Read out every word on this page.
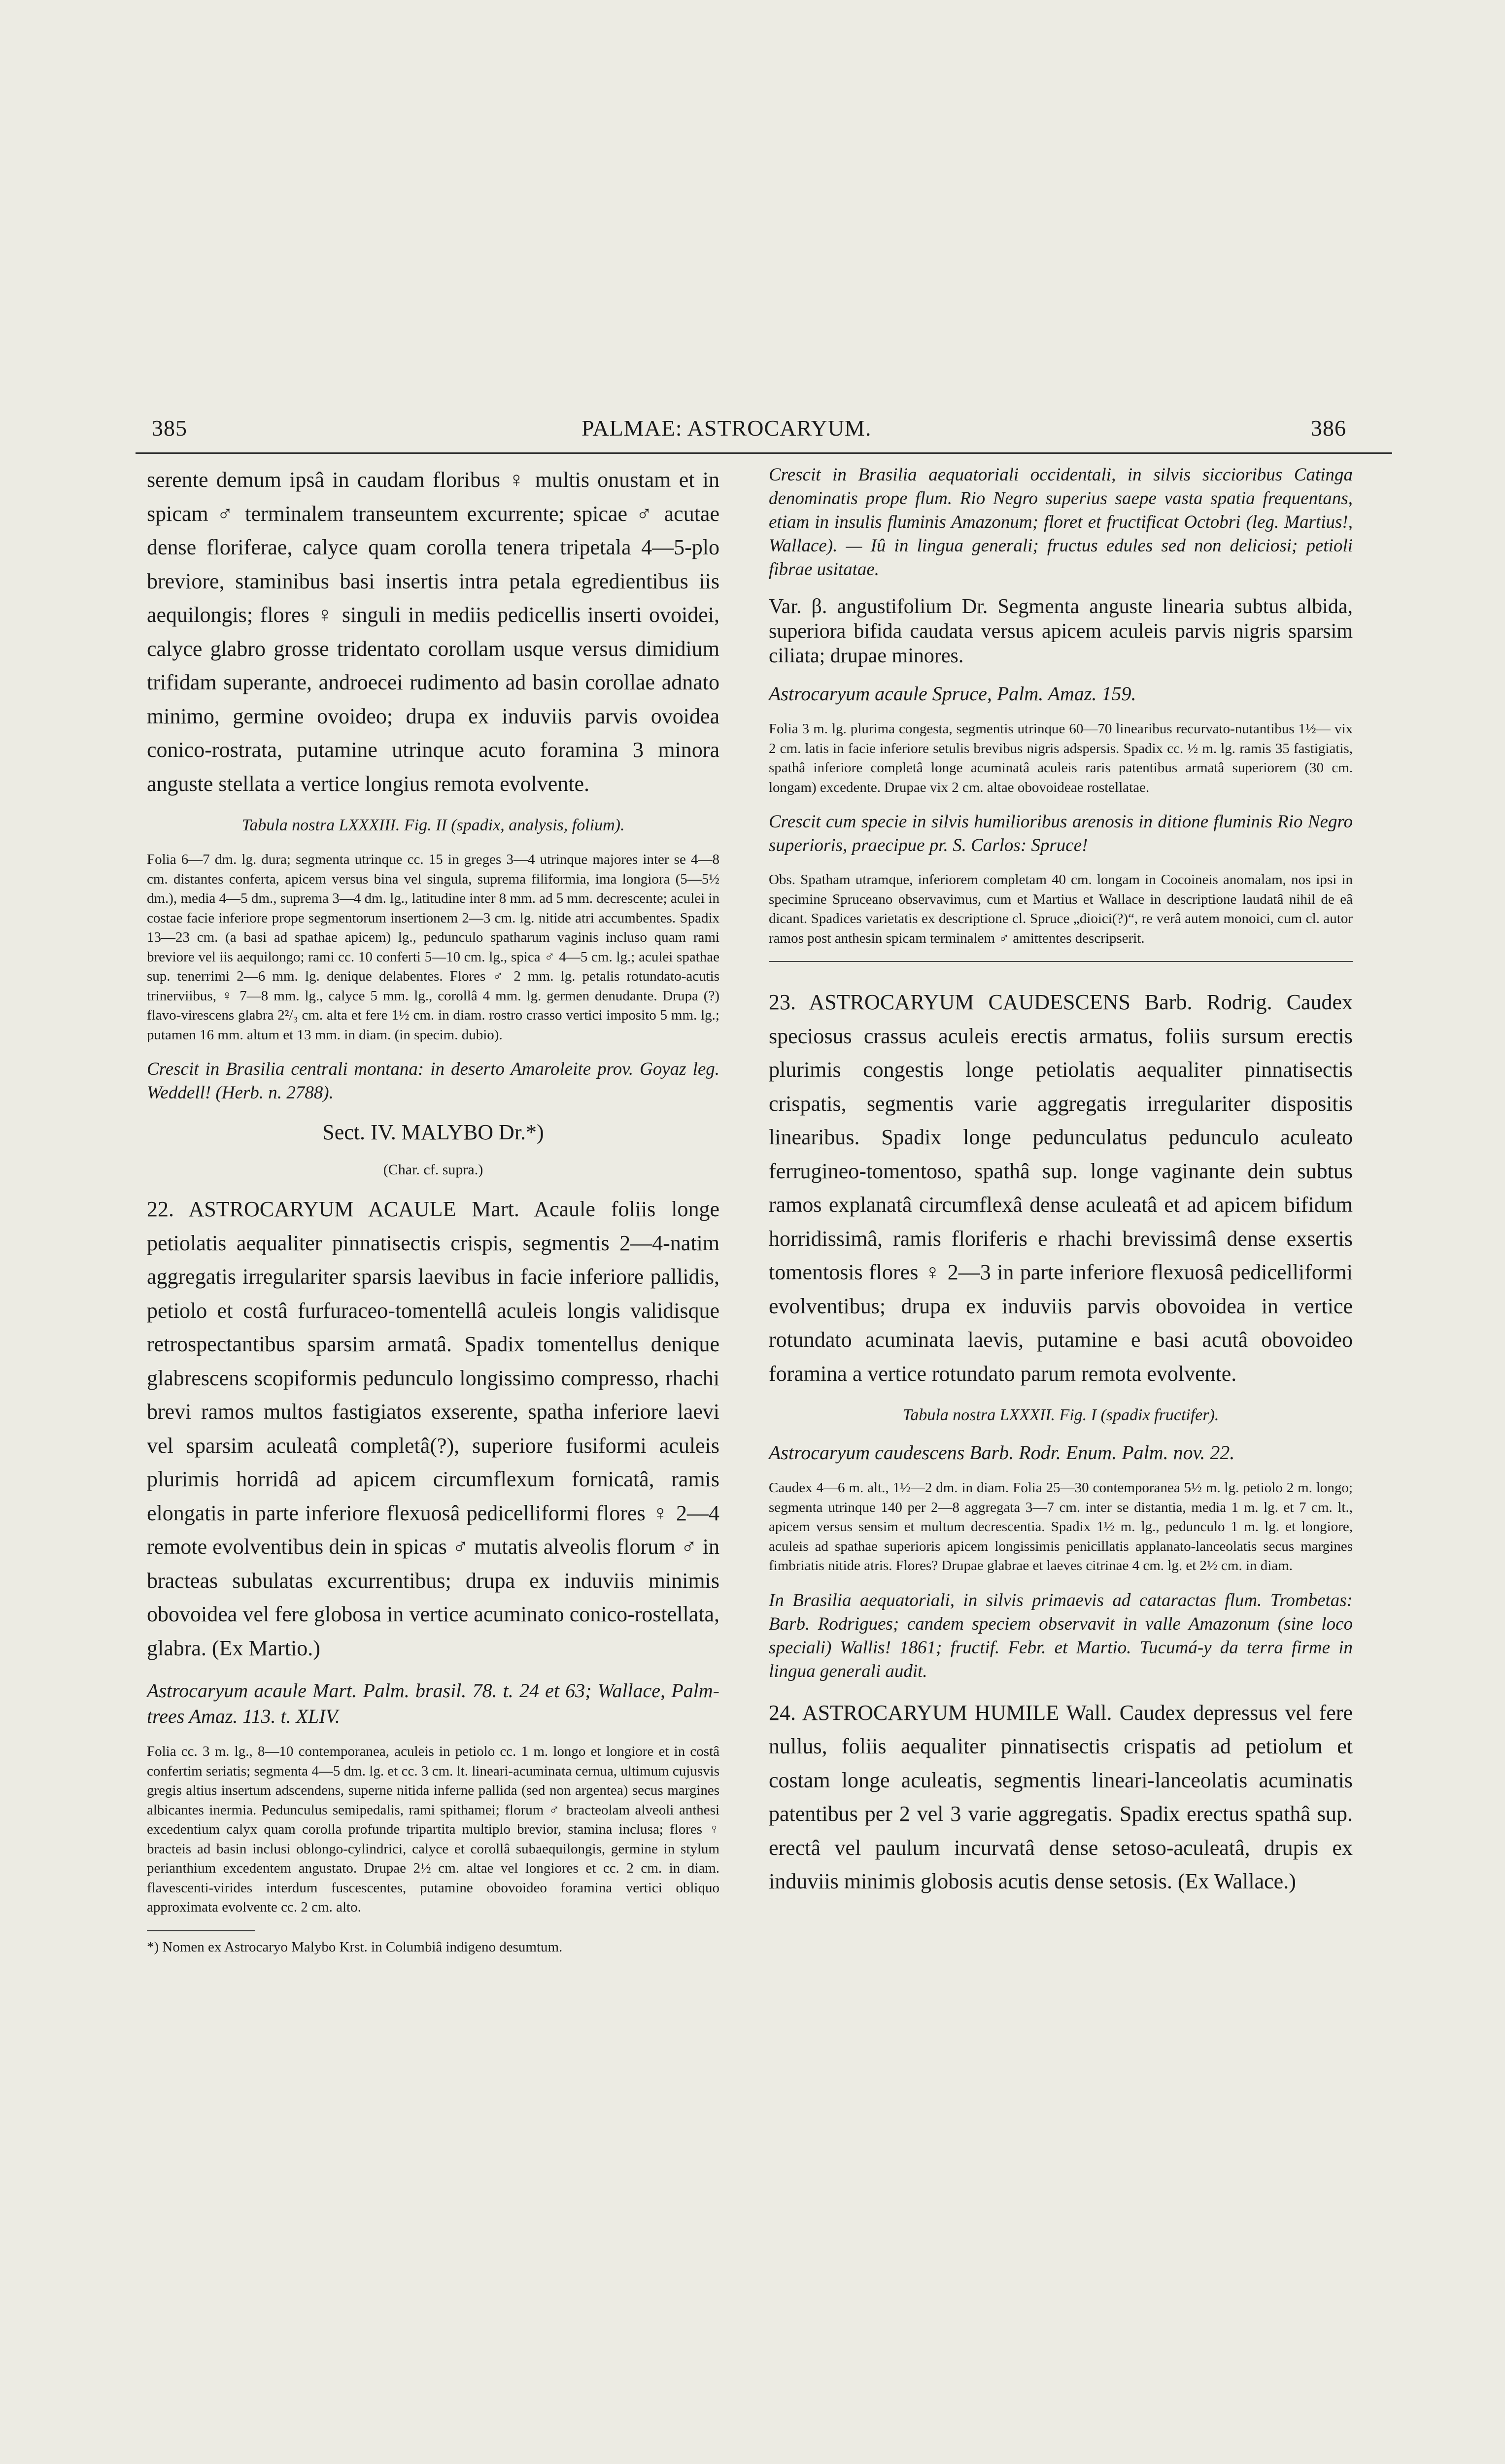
385	PALMAE: ASTROCARYUM.	386

serente demum ipsâ in caudam floribus ♀ multis onustam et in spicam ♂ terminalem transeuntem excurrente; spicae ♂ acutae dense floriferae, calyce quam corolla tenera tripetala 4—5-plo breviore, staminibus basi insertis intra petala egredientibus iis aequilongis; flores ♀ singuli in mediis pedicellis inserti ovoidei, calyce glabro grosse tridentato corollam usque versus dimidium trifidam superante, androecei rudimento ad basin corollae adnato minimo, germine ovoideo; drupa ex induviis parvis ovoidea conico-rostrata, putamine utrinque acuto foramina 3 minora anguste stellata a vertice longius remota evolvente.

Tabula nostra LXXXIII. Fig. II (spadix, analysis, folium).

Folia 6—7 dm. lg. dura; segmenta utrinque cc. 15 in greges 3—4 utrinque majores inter se 4—8 cm. distantes conferta, apicem versus bina vel singula, suprema filiformia, ima longiora (5—5½ dm.), media 4—5 dm., suprema 3—4 dm. lg., latitudine inter 8 mm. ad 5 mm. decrescente; aculei in costae facie inferiore prope segmentorum insertionem 2—3 cm. lg. nitide atri accumbentes. Spadix 13—23 cm. (a basi ad spathae apicem) lg., pedunculo spatharum vaginis incluso quam rami breviore vel iis aequilongo; rami cc. 10 conferti 5—10 cm. lg., spica ♂ 4—5 cm. lg.; aculei spathae sup. tenerrimi 2—6 mm. lg. denique delabentes. Flores ♂ 2 mm. lg. petalis rotundato-acutis trinerviibus, ♀ 7—8 mm. lg., calyce 5 mm. lg., corollâ 4 mm. lg. germen denudante. Drupa (?) flavo-virescens glabra 2²/₃ cm. alta et fere 1½ cm. in diam. rostro crasso vertici imposito 5 mm. lg.; putamen 16 mm. altum et 13 mm. in diam. (in specim. dubio).

Crescit in Brasilia centrali montana: in deserto Amaroleite prov. Goyaz leg. Weddell! (Herb. n. 2788).

Sect. IV. MALYBO Dr.*)

(Char. cf. supra.)

22. ASTROCARYUM ACAULE Mart. Acaule foliis longe petiolatis aequaliter pinnatisectis crispis, segmentis 2—4-natim aggregatis irregulariter sparsis laevibus in facie inferiore pallidis, petiolo et costâ furfuraceo-tomentellâ aculeis longis validisque retrospectantibus sparsim armatâ. Spadix tomentellus denique glabrescens scopiformis pedunculo longissimo compresso, rhachi brevi ramos multos fastigiatos exserente, spatha inferiore laevi vel sparsim aculeatâ completâ(?), superiore fusiformi aculeis plurimis horridâ ad apicem circumflexum fornicatâ, ramis elongatis in parte inferiore flexuosâ pedicelliformi flores ♀ 2—4 remote evolventibus dein in spicas ♂ mutatis alveolis florum ♂ in bracteas subulatas excurrentibus; drupa ex induviis minimis obovoidea vel fere globosa in vertice acuminato conico-rostellata, glabra. (Ex Martio.)

Astrocaryum acaule Mart. Palm. brasil. 78. t. 24 et 63; Wallace, Palm-trees Amaz. 113. t. XLIV.

Folia cc. 3 m. lg., 8—10 contemporanea, aculeis in petiolo cc. 1 m. longo et longiore et in costâ confertim seriatis; segmenta 4—5 dm. lg. et cc. 3 cm. lt. lineari-acuminata cernua, ultimum cujusvis gregis altius insertum adscendens, superne nitida inferne pallida (sed non argentea) secus margines albicantes inermia. Pedunculus semipedalis, rami spithamei; florum ♂ bracteolam alveoli anthesi excedentium calyx quam corolla profunde tripartita multiplo brevior, stamina inclusa; flores ♀ bracteis ad basin inclusi oblongo-cylindrici, calyce et corollâ subaequilongis, germine in stylum perianthium excedentem angustato. Drupae 2½ cm. altae vel longiores et cc. 2 cm. in diam. flavescenti-virides interdum fuscescentes, putamine obovoideo foramina vertici obliquo approximata evolvente cc. 2 cm. alto.

*) Nomen ex Astrocaryo Malybo Krst. in Columbiâ indigeno desumtum.

Crescit in Brasilia aequatoriali occidentali, in silvis siccioribus Catinga denominatis prope flum. Rio Negro superius saepe vasta spatia frequentans, etiam in insulis fluminis Amazonum; floret et fructificat Octobri (leg. Martius!, Wallace). — Iû in lingua generali; fructus edules sed non deliciosi; petioli fibrae usitatae.

Var. β. angustifolium Dr. Segmenta anguste linearia subtus albida, superiora bifida caudata versus apicem aculeis parvis nigris sparsim ciliata; drupae minores.

Astrocaryum acaule Spruce, Palm. Amaz. 159.

Folia 3 m. lg. plurima congesta, segmentis utrinque 60—70 linearibus recurvato-nutantibus 1½— vix 2 cm. latis in facie inferiore setulis brevibus nigris adspersis. Spadix cc. ½ m. lg. ramis 35 fastigiatis, spathâ inferiore completâ longe acuminatâ aculeis raris patentibus armatâ superiorem (30 cm. longam) excedente. Drupae vix 2 cm. altae obovoideae rostellatae.

Crescit cum specie in silvis humilioribus arenosis in ditione fluminis Rio Negro superioris, praecipue pr. S. Carlos: Spruce!

Obs. Spatham utramque, inferiorem completam 40 cm. longam in Cocoineis anomalam, nos ipsi in specimine Spruceano observavimus, cum et Martius et Wallace in descriptione laudatâ nihil de eâ dicant. Spadices varietatis ex descriptione cl. Spruce „dioici(?)“, re verâ autem monoici, cum cl. autor ramos post anthesin spicam terminalem ♂ amittentes descripserit.

23. ASTROCARYUM CAUDESCENS Barb. Rodrig. Caudex speciosus crassus aculeis erectis armatus, foliis sursum erectis plurimis congestis longe petiolatis aequaliter pinnatisectis crispatis, segmentis varie aggregatis irregulariter dispositis linearibus. Spadix longe pedunculatus pedunculo aculeato ferrugineo-tomentoso, spathâ sup. longe vaginante dein subtus ramos explanatâ circumflexâ dense aculeatâ et ad apicem bifidum horridissimâ, ramis floriferis e rhachi brevissimâ dense exsertis tomentosis flores ♀ 2—3 in parte inferiore flexuosâ pedicelliformi evolventibus; drupa ex induviis parvis obovoidea in vertice rotundato acuminata laevis, putamine e basi acutâ obovoideo foramina a vertice rotundato parum remota evolvente.

Tabula nostra LXXXII. Fig. I (spadix fructifer).

Astrocaryum caudescens Barb. Rodr. Enum. Palm. nov. 22.

Caudex 4—6 m. alt., 1½—2 dm. in diam. Folia 25—30 contemporanea 5½ m. lg. petiolo 2 m. longo; segmenta utrinque 140 per 2—8 aggregata 3—7 cm. inter se distantia, media 1 m. lg. et 7 cm. lt., apicem versus sensim et multum decrescentia. Spadix 1½ m. lg., pedunculo 1 m. lg. et longiore, aculeis ad spathae superioris apicem longissimis penicillatis applanato-lanceolatis secus margines fimbriatis nitide atris. Flores? Drupae glabrae et laeves citrinae 4 cm. lg. et 2½ cm. in diam.

In Brasilia aequatoriali, in silvis primaevis ad cataractas flum. Trombetas: Barb. Rodrigues; candem speciem observavit in valle Amazonum (sine loco speciali) Wallis! 1861; fructif. Febr. et Martio. Tucumá-y da terra firme in lingua generali audit.

24. ASTROCARYUM HUMILE Wall. Caudex depressus vel fere nullus, foliis aequaliter pinnatisectis crispatis ad petiolum et costam longe aculeatis, segmentis lineari-lanceolatis acuminatis patentibus per 2 vel 3 varie aggregatis. Spadix erectus spathâ sup. erectâ vel paulum incurvatâ dense setoso-aculeatâ, drupis ex induviis minimis globosis acutis dense setosis. (Ex Wallace.)
